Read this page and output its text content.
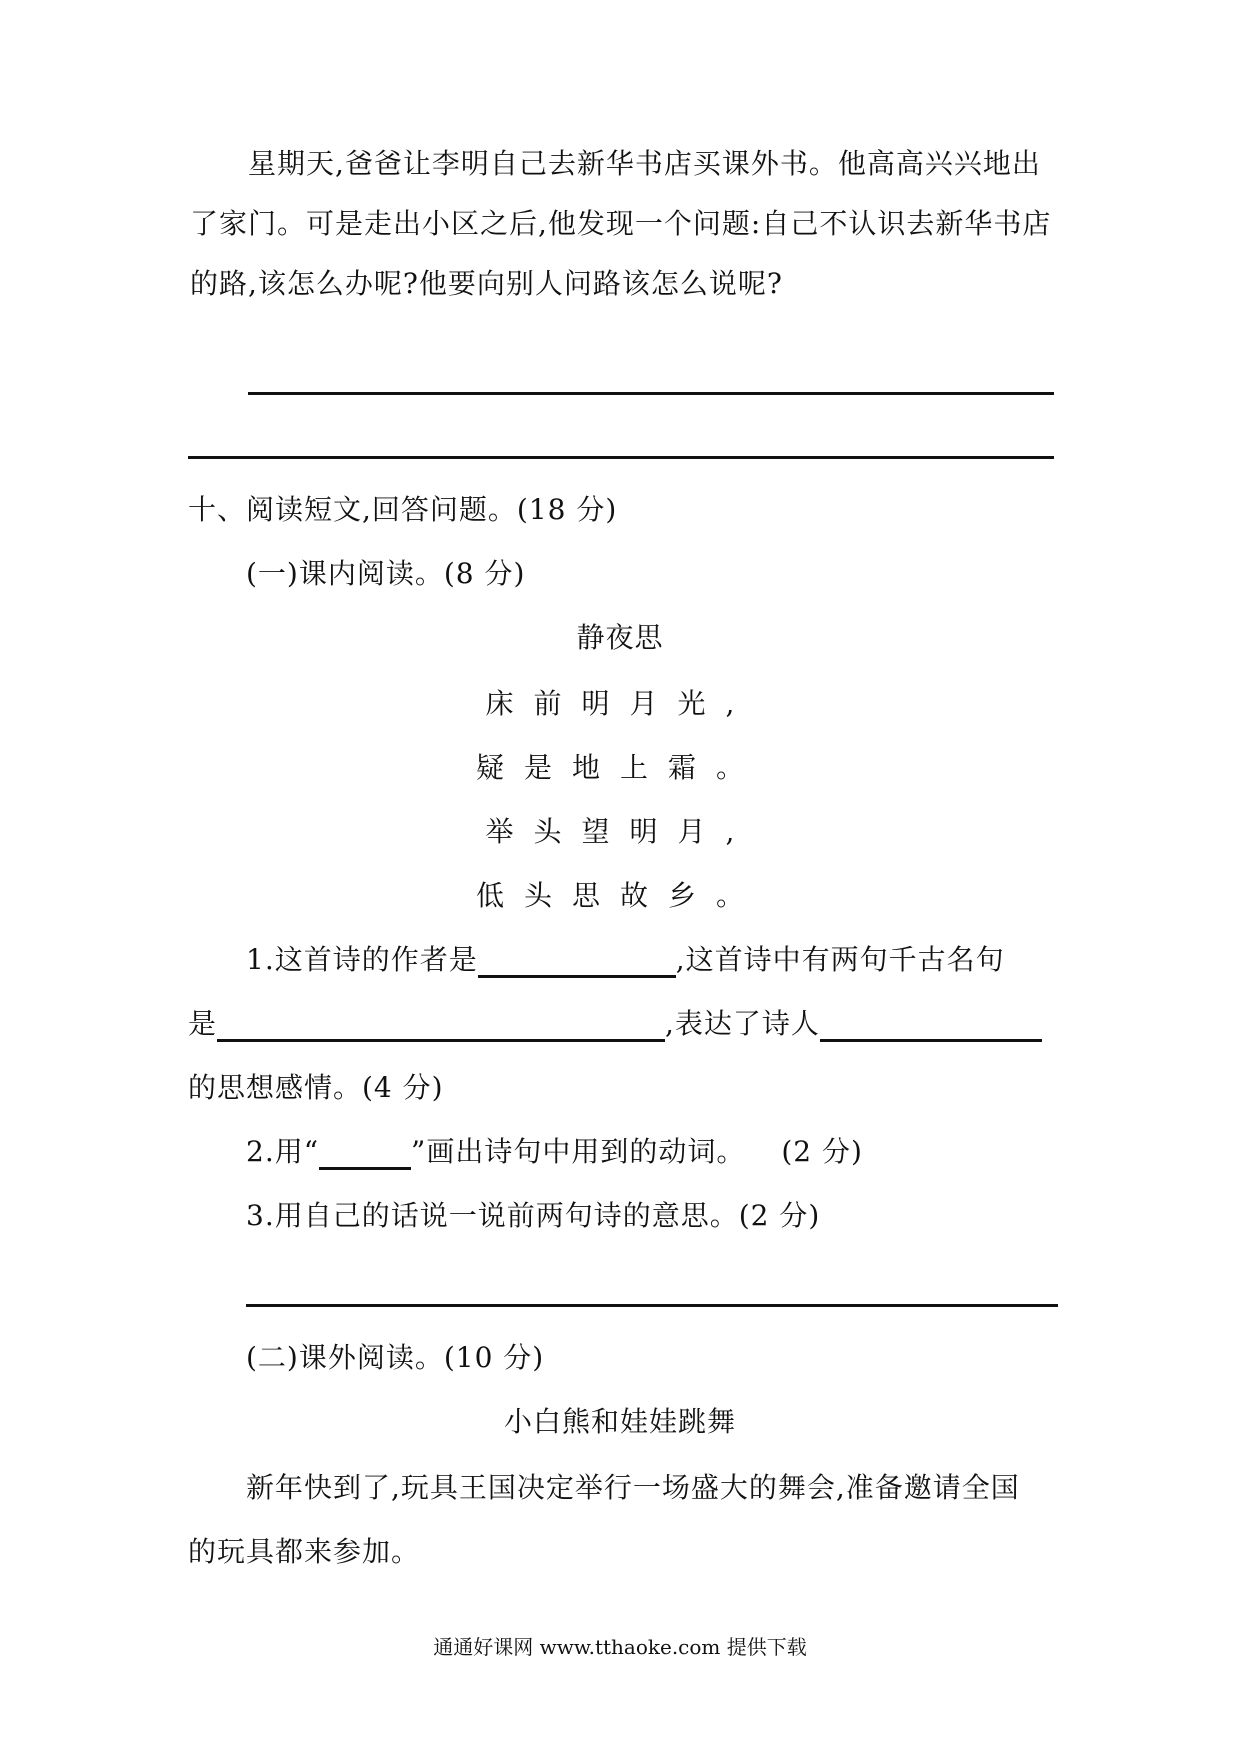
星期天,爸爸让李明自己去新华书店买课外书。他高高兴兴地出
了家门。可是走出小区之后,他发现一个问题:自己不认识去新华书店
的路,该怎么办呢?他要向别人问路该怎么说呢?
十、阅读短文,回答问题。(18 分)
(一)课内阅读。(8 分)
静夜思
床前明月光,
疑是地上霜。
举头望明月,
低头思故乡。
1.这首诗的作者是	,这首诗中有两句千古名句
是	,表达了诗人
的思想感情。(4 分)
2.用“	”画出诗句中用到的动词。 (2 分)
3.用自己的话说一说前两句诗的意思。(2 分)
(二)课外阅读。(10 分)
小白熊和娃娃跳舞
新年快到了,玩具王国决定举行一场盛大的舞会,准备邀请全国
的玩具都来参加。
通通好课网 www.tthaoke.com 提供下载
